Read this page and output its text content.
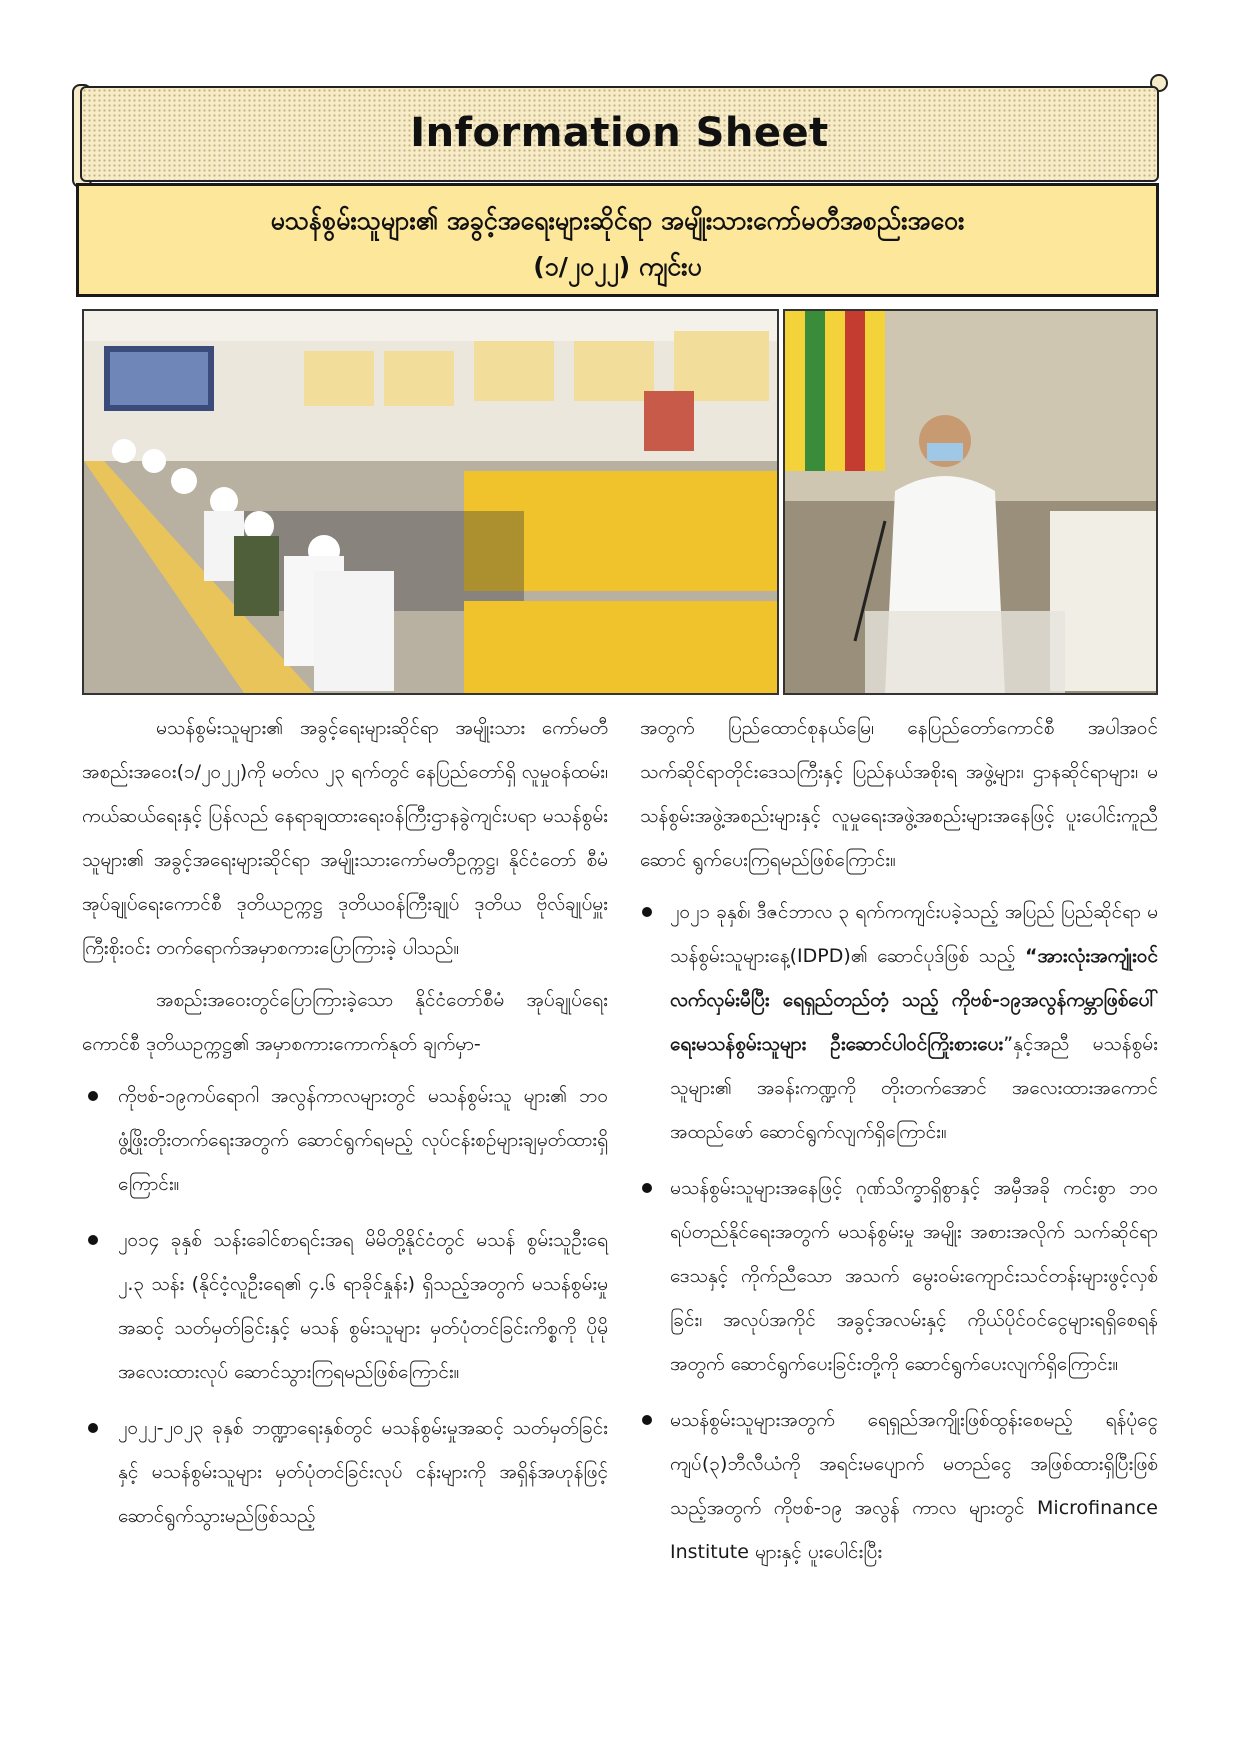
Information Sheet
မသန်စွမ်းသူများ၏ အခွင့်အရေးများဆိုင်ရာ အမျိုးသားကော်မတီအစည်းအဝေး
(၁/၂၀၂၂) ကျင်းပ

မသန်စွမ်းသူများ၏ အခွင့်ရေးများဆိုင်ရာ အမျိုးသား ကော်မတီအစည်းအဝေး(၁/၂၀၂၂)ကို မတ်လ ၂၃ ရက်တွင် နေပြည်တော်ရှိ လူမှုဝန်ထမ်း၊ ကယ်ဆယ်ရေးနှင့် ပြန်လည် နေရာချထားရေးဝန်ကြီးဌာနခွဲကျင်းပရာ မသန်စွမ်းသူများ၏ အခွင့်အရေးများဆိုင်ရာ အမျိုးသားကော်မတီဥက္ကဋ္ဌ၊ နိုင်ငံတော် စီမံအုပ်ချုပ်ရေးကောင်စီ ဒုတိယဥက္ကဋ္ဌ ဒုတိယဝန်ကြီးချုပ် ဒုတိယ ဗိုလ်ချုပ်မှူးကြီးစိုးဝင်း တက်ရောက်အမှာစကားပြောကြားခဲ့ ပါသည်။

အစည်းအဝေးတွင်ပြောကြားခဲ့သော နိုင်ငံတော်စီမံ အုပ်ချုပ်ရေးကောင်စီ ဒုတိယဥက္ကဋ္ဌ၏ အမှာစကားကောက်နုတ် ချက်မှာ-

ကိုဗစ်-၁၉ကပ်ရောဂါ အလွန်ကာလများတွင် မသန်စွမ်းသူ များ၏ ဘဝဖွံ့ဖြိုးတိုးတက်ရေးအတွက် ဆောင်ရွက်ရမည့် လုပ်ငန်းစဉ်များချမှတ်ထားရှိကြောင်း။
၂၀၁၄ ခုနှစ် သန်းခေါင်စာရင်းအရ မိမိတို့နိုင်ငံတွင် မသန် စွမ်းသူဦးရေ ၂.၃ သန်း (နိုင်ငံ့လူဦးရေ၏ ၄.၆ ရာခိုင်နှုန်း) ရှိသည့်အတွက် မသန်စွမ်းမှုအဆင့် သတ်မှတ်ခြင်းနှင့် မသန် စွမ်းသူများ မှတ်ပုံတင်ခြင်းကိစ္စကို ပိုမိုအလေးထားလုပ် ဆောင်သွားကြရမည်ဖြစ်ကြောင်း။
၂၀၂၂-၂၀၂၃ ခုနှစ် ဘဏ္ဍာရေးနှစ်တွင် မသန်စွမ်းမှုအဆင့် သတ်မှတ်ခြင်းနှင့် မသန်စွမ်းသူများ မှတ်ပုံတင်ခြင်းလုပ် ငန်းများကို အရှိန်အဟုန်ဖြင့် ဆောင်ရွက်သွားမည်ဖြစ်သည့်

အတွက် ပြည်ထောင်စုနယ်မြေ၊ နေပြည်တော်ကောင်စီ အပါအဝင် သက်ဆိုင်ရာတိုင်းဒေသကြီးနှင့် ပြည်နယ်အစိုးရ အဖွဲ့များ၊ ဌာနဆိုင်ရာများ၊ မသန်စွမ်းအဖွဲ့အစည်းများနှင့် လူမှုရေးအဖွဲ့အစည်းများအနေဖြင့် ပူးပေါင်းကူညီဆောင် ရွက်ပေးကြရမည်ဖြစ်ကြောင်း။

၂၀၂၁ ခုနှစ်၊ ဒီဇင်ဘာလ ၃ ရက်ကကျင်းပခဲ့သည့် အပြည် ပြည်ဆိုင်ရာ မသန်စွမ်းသူများနေ့(IDPD)၏ ဆောင်ပုဒ်ဖြစ် သည့် “အားလုံးအကျုံးဝင် လက်လှမ်းမီပြီး ရေရှည်တည်တံ့ သည့် ကိုဗစ်-၁၉အလွန်ကမ္ဘာဖြစ်ပေါ်ရေးမသန်စွမ်းသူများ ဦးဆောင်ပါဝင်ကြိုးစားပေး”နှင့်အညီ မသန်စွမ်းသူများ၏ အခန်းကဏ္ဍကို တိုးတက်အောင် အလေးထားအကောင် အထည်ဖော် ဆောင်ရွက်လျက်ရှိကြောင်း။
မသန်စွမ်းသူများအနေဖြင့် ဂုဏ်သိက္ခာရှိစွာနှင့် အမှီအခို ကင်းစွာ ဘဝရပ်တည်နိုင်ရေးအတွက် မသန်စွမ်းမှု အမျိုး အစားအလိုက် သက်ဆိုင်ရာဒေသနှင့် ကိုက်ညီသော အသက် မွေးဝမ်းကျောင်းသင်တန်းများဖွင့်လှစ်ခြင်း၊ အလုပ်အကိုင် အခွင့်အလမ်းနှင့် ကိုယ်ပိုင်ဝင်ငွေများရရှိစေရန်အတွက် ဆောင်ရွက်ပေးခြင်းတို့ကို ဆောင်ရွက်ပေးလျက်ရှိကြောင်း။
မသန်စွမ်းသူများအတွက် ရေရှည်အကျိုးဖြစ်ထွန်းစေမည့် ရန်ပုံငွေကျပ်(၃)ဘီလီယံကို အရင်းမပျောက် မတည်ငွေ အဖြစ်ထားရှိပြီးဖြစ်သည့်အတွက် ကိုဗစ်-၁၉ အလွန် ကာလ များတွင် Microfinance Institute များနှင့် ပူးပေါင်းပြီး
